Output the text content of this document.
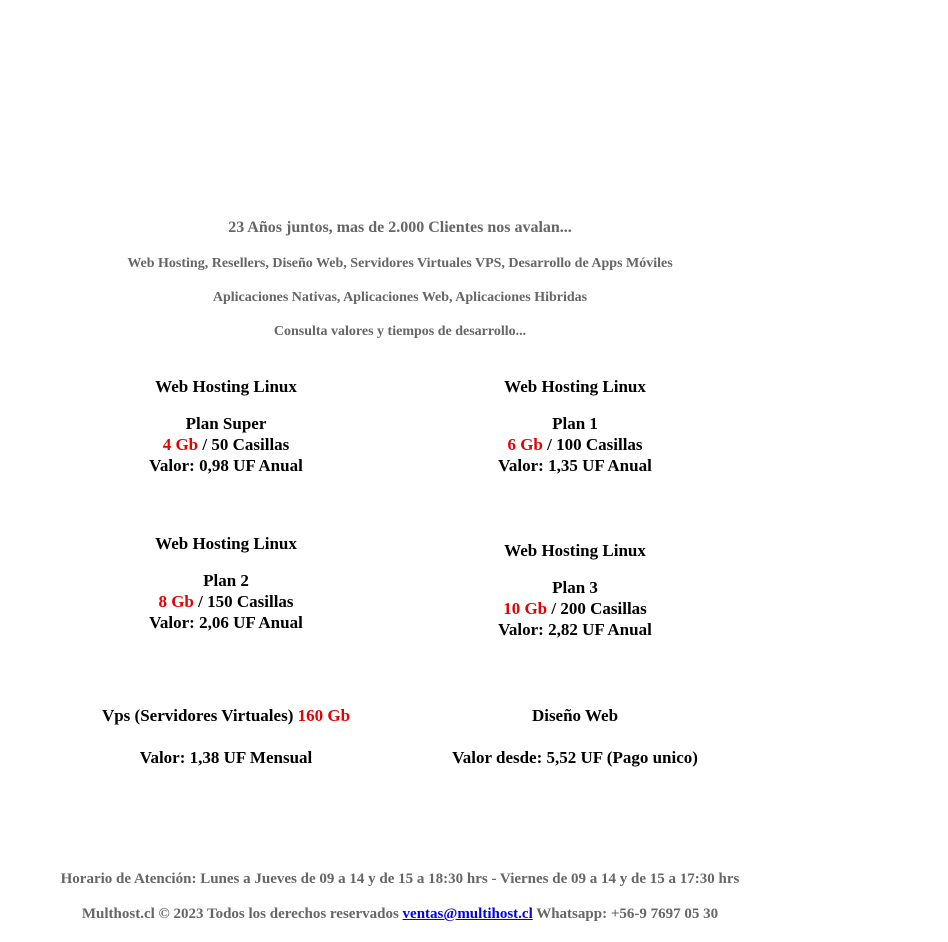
23 Años juntos, mas de 2.000 Clientes nos avalan...
Web Hosting, Resellers, Diseño Web, Servidores Virtuales VPS, Desarrollo de Apps Móviles
Aplicaciones Nativas, Aplicaciones Web, Aplicaciones Hibridas
Consulta valores y tiempos de desarrollo...
Web Hosting Linux
Plan Super
4 Gb / 50 Casillas
Valor: 0,98 UF Anual
Web Hosting Linux
Plan 1
6 Gb / 100 Casillas
Valor: 1,35 UF Anual
Web Hosting Linux
Plan 2
8 Gb / 150 Casillas
Valor: 2,06 UF Anual
Web Hosting Linux
Plan 3
10 Gb / 200 Casillas
Valor: 2,82 UF Anual
Vps (Servidores Virtuales) 160 Gb
Valor: 1,38 UF Mensual
Diseño Web
Valor desde: 5,52 UF (Pago unico)
Horario de Atención: Lunes a Jueves de 09 a 14 y de 15 a 18:30 hrs - Viernes de 09 a 14 y de 15 a 17:30 hrs
Multhost.cl © 2023 Todos los derechos reservados ventas@multihost.cl Whatsapp: +56-9 7697 05 30
